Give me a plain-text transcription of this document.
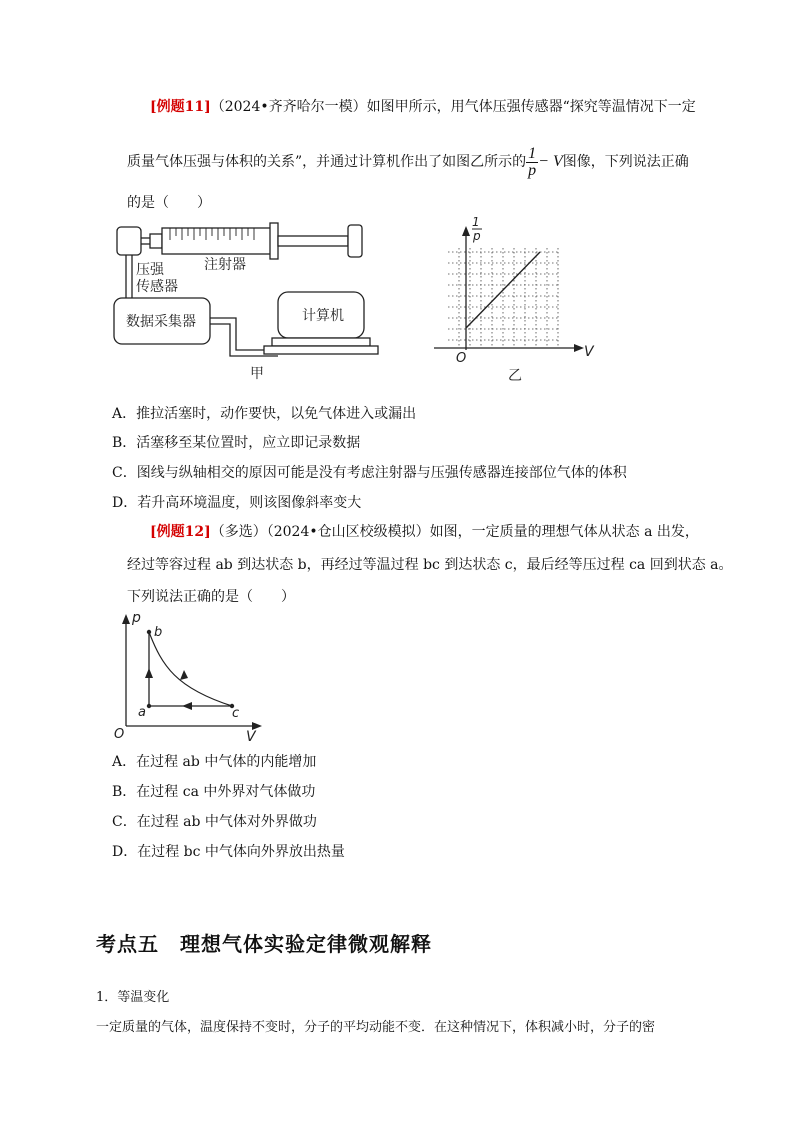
[例题11]（2024•齐齐哈尔一模）如图甲所示，用气体压强传感器“探究等温情况下一定
质量气体压强与体积的关系”，并通过计算机作出了如图乙所示的 $\frac{1}{p} - V$图像，下列说法正确
的是（　　）
注射器
压强
传感器
数据采集器	计算机
甲
1
p
V
O
乙
A．推拉活塞时，动作要快，以免气体进入或漏出
B．活塞移至某位置时，应立即记录数据
C．图线与纵轴相交的原因可能是没有考虑注射器与压强传感器连接部位气体的体积
D．若升高环境温度，则该图像斜率变大
[例题12]（多选）（2024•仓山区校级模拟）如图，一定质量的理想气体从状态 a 出发，
经过等容过程 ab 到达状态 b，再经过等温过程 bc 到达状态 c，最后经等压过程 ca 回到状态 a。
下列说法正确的是（　　）
p
V
O
b
a	c
A．在过程 ab 中气体的内能增加
B．在过程 ca 中外界对气体做功
C．在过程 ab 中气体对外界做功
D．在过程 bc 中气体向外界放出热量
考点五　理想气体实验定律微观解释
1．等温变化
一定质量的气体，温度保持不变时，分子的平均动能不变．在这种情况下，体积减小时，分子的密
